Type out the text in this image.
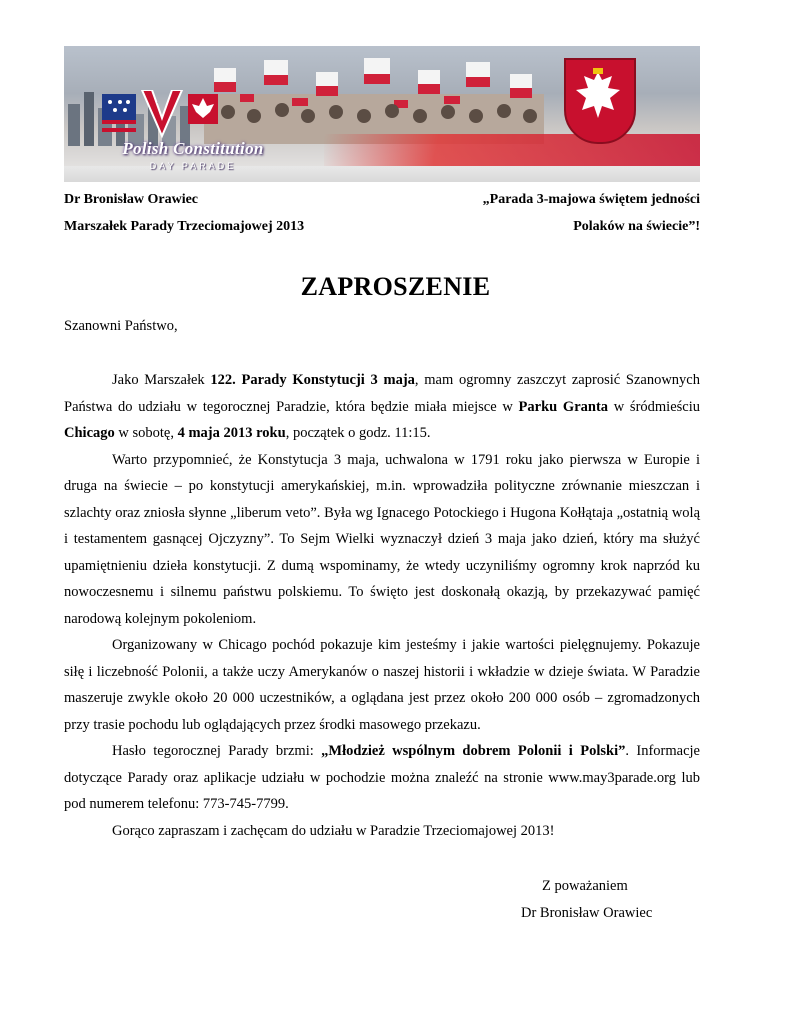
Polish Constitution
DAY PARADE
Dr Bronisław Orawiec
Marszałek Parady Trzeciomajowej 2013
„Parada 3-majowa świętem jedności
Polaków na świecie”!
ZAPROSZENIE
Szanowni Państwo,

Jako Marszałek 122. Parady Konstytucji 3 maja, mam ogromny zaszczyt zaprosić Szanownych Państwa do udziału w tegorocznej Paradzie, która będzie miała miejsce w Parku Granta w śródmieściu Chicago w sobotę, 4 maja 2013 roku, początek o godz. 11:15.

Warto przypomnieć, że Konstytucja 3 maja, uchwalona w 1791 roku jako pierwsza w Europie i druga na świecie – po konstytucji amerykańskiej, m.in. wprowadziła polityczne zrównanie mieszczan i szlachty oraz zniosła słynne „liberum veto”. Była wg Ignacego Potockiego i Hugona Kołłątaja „ostatnią wolą i testamentem gasnącej Ojczyzny”. To Sejm Wielki wyznaczył dzień 3 maja jako dzień, który ma służyć upamiętnieniu dzieła konstytucji. Z dumą wspominamy, że wtedy uczyniliśmy ogromny krok naprzód ku nowoczesnemu i silnemu państwu polskiemu. To święto jest doskonałą okazją, by przekazywać pamięć narodową kolejnym pokoleniom.

Organizowany w Chicago pochód pokazuje kim jesteśmy i jakie wartości pielęgnujemy. Pokazuje siłę i liczebność Polonii, a także uczy Amerykanów o naszej historii i wkładzie w dzieje świata. W Paradzie maszeruje zwykle około 20 000 uczestników, a oglądana jest przez około 200 000 osób – zgromadzonych przy trasie pochodu lub oglądających przez środki masowego przekazu.

Hasło tegorocznej Parady brzmi: „Młodzież wspólnym dobrem Polonii i Polski”. Informacje dotyczące Parady oraz aplikacje udziału w pochodzie można znaleźć na stronie www.may3parade.org lub pod numerem telefonu: 773-745-7799.

Gorąco zapraszam i zachęcam do udziału w Paradzie Trzeciomajowej 2013!

Z poważaniem
Dr Bronisław Orawiec
